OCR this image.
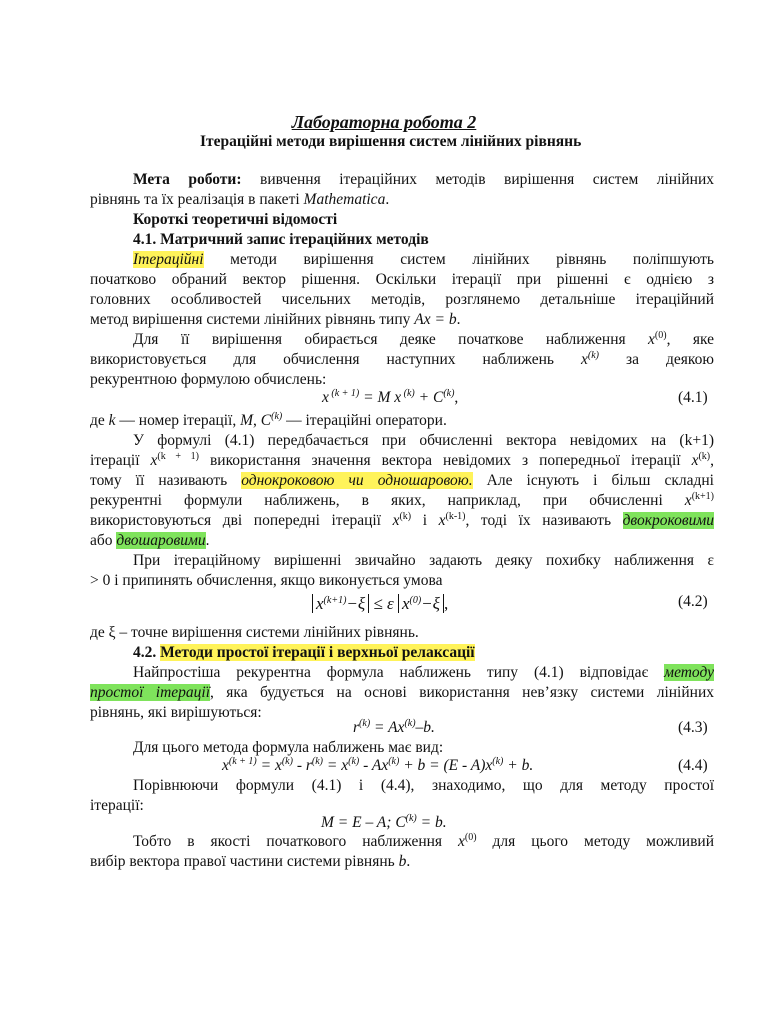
Лабораторна робота 2
Ітераційні методи вирішення систем лінійних рівнянь
Мета роботи: вивчення ітераційних методів вирішення систем лінійних
рівнянь та їх реалізація в пакеті Mathematica.
Короткі теоретичні відомості
4.1. Матричний запис ітераційних методів
Ітераційні методи вирішення систем лінійних рівнянь поліпшують
початково обраний вектор рішення. Оскільки ітерації при рішенні є однією з
головних особливостей чисельних методів, розглянемо детальніше ітераційний
метод вирішення системи лінійних рівнянь типу Ax = b.
Для її вирішення обирається деяке початкове наближення $x^{(0)}$, яке
використовується для обчислення наступних наближень $x^{(k)}$ за деякою
рекурентною формулою обчислень:
x $^{(k + 1)}$ = M x $^{(k)} + C^{(k)}$,	(4.1)
де k — номер ітерації, M, $C^{(k)}$ — ітераційні оператори.
У формулі (4.1) передбачається при обчисленні вектора невідомих на (k+1)
ітерації $x^{(k + 1)}$ використання значення вектора невідомих з попередньої ітерації $x^{(k)}$,
тому її називають однокроковою чи одношаровою. Але існують і більш складні
рекурентні формули наближень, в яких, наприклад, при обчисленні $x^{(k+1)}$
використовуються дві попередні ітерації $x^{(k)}$ і $x^{(k-1)}$, тоді їх називають двокроковими
або двошаровими.
При ітераційному вирішенні звичайно задають деяку похибку наближення ε
> 0 і припинять обчислення, якщо виконується умова
$x^{(k+1)}-\xi \le \varepsilon$ $x^{(0)}-\xi$ ,	(4.2)
де ξ – точне вирішення системи лінійних рівнянь.
4.2. Методи простої ітерації і верхньої релаксації
Найпростіша рекурентна формула наближень типу (4.1) відповідає методу
простої ітерації, яка будується на основі використання нев’язку системи лінійних
рівнянь, які вирішуються:
$r^{(k)} = Ax^{(k)}-b$.	(4.3)
Для цього метода формула наближень має вид:
$x^{(k + 1)} = x^{(k)} - r^{(k)} = x^{(k)} - Ax^{(k)} + b = (E - A)x^{(k)} + b$.	(4.4)
Порівнюючи формули (4.1) і (4.4), знаходимо, що для методу простої
ітерації:
M = E – A; $C^{(k)} = b$.
Тобто в якості початкового наближення $x^{(0)}$ для цього методу можливий
вибір вектора правої частини системи рівнянь b.
